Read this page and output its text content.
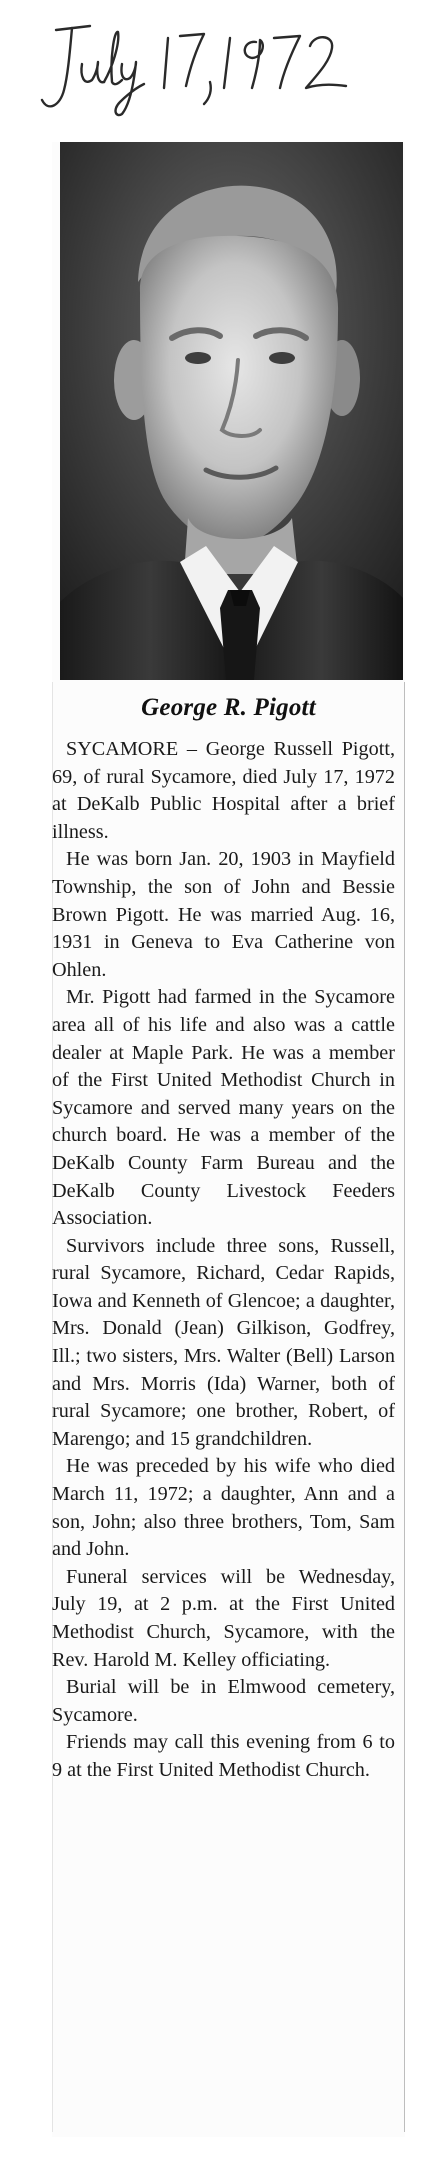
George R. Pigott

SYCAMORE – George Russell Pigott, 69, of rural Sycamore, died July 17, 1972 at DeKalb Public Hospital after a brief illness.

He was born Jan. 20, 1903 in Mayfield Township, the son of John and Bessie Brown Pigott. He was married Aug. 16, 1931 in Geneva to Eva Catherine von Ohlen.

Mr. Pigott had farmed in the Sycamore area all of his life and also was a cattle dealer at Maple Park. He was a member of the First United Methodist Church in Sycamore and served many years on the church board. He was a member of the DeKalb County Farm Bureau and the DeKalb County Livestock Feeders Association.

Survivors include three sons, Russell, rural Sycamore, Richard, Cedar Rapids, Iowa and Kenneth of Glencoe; a daughter, Mrs. Donald (Jean) Gilkison, Godfrey, Ill.; two sisters, Mrs. Walter (Bell) Larson and Mrs. Morris (Ida) Warner, both of rural Sycamore; one brother, Robert, of Marengo; and 15 grandchildren.

He was preceded by his wife who died March 11, 1972; a daughter, Ann and a son, John; also three brothers, Tom, Sam and John.

Funeral services will be Wednesday, July 19, at 2 p.m. at the First United Methodist Church, Sycamore, with the Rev. Harold M. Kelley officiating.

Burial will be in Elmwood cemetery, Sycamore.

Friends may call this evening from 6 to 9 at the First United Methodist Church.
